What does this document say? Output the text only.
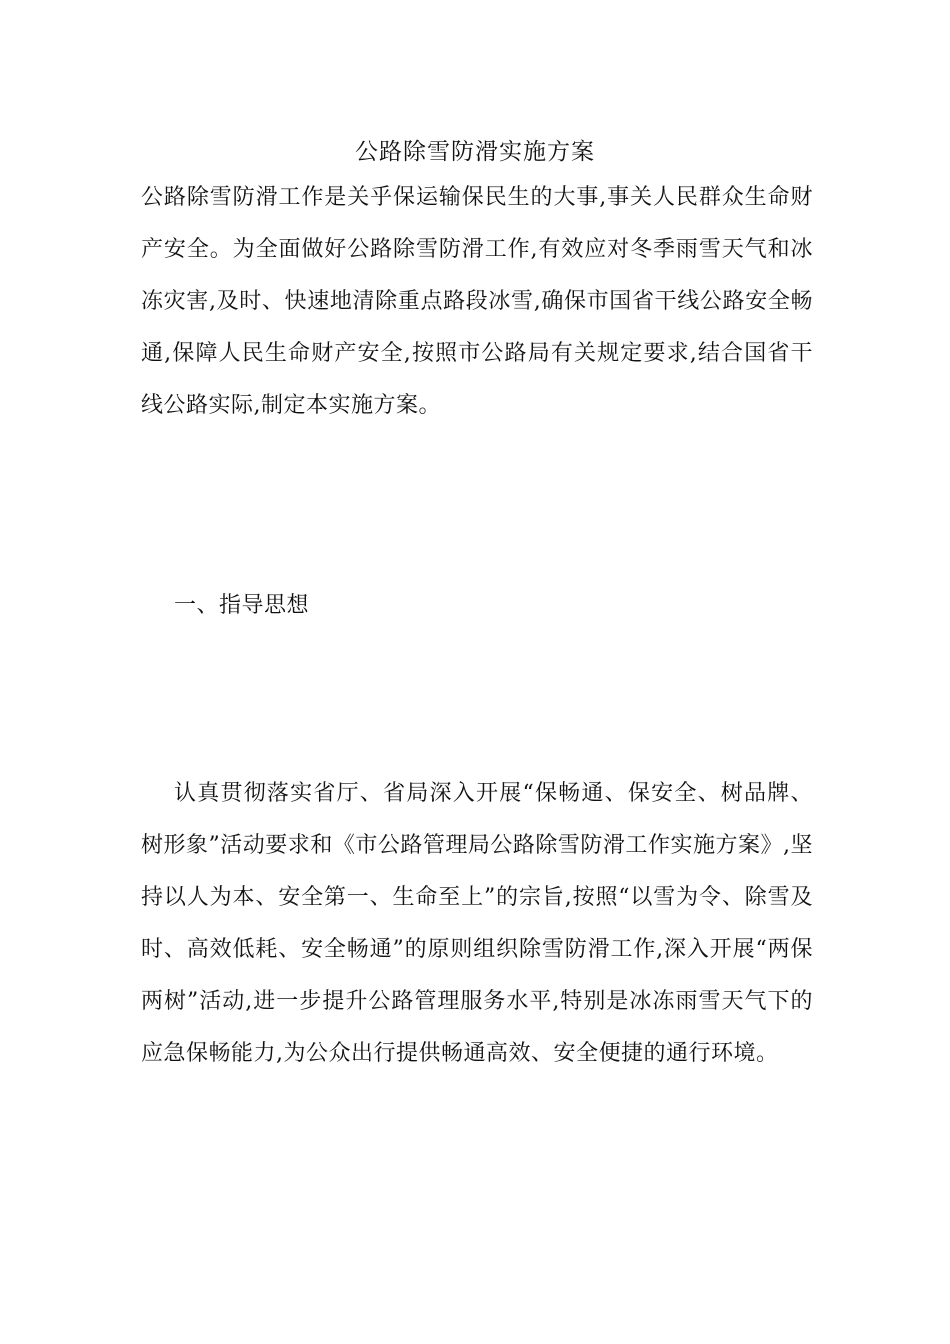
公路除雪防滑实施方案
公路除雪防滑工作是关乎保运输保民生的大事,事关人民群众生命财产安全。为全面做好公路除雪防滑工作,有效应对冬季雨雪天气和冰冻灾害,及时、快速地清除重点路段冰雪,确保市国省干线公路安全畅通,保障人民生命财产安全,按照市公路局有关规定要求,结合国省干线公路实际,制定本实施方案。
一、指导思想
认真贯彻落实省厅、省局深入开展“保畅通、保安全、树品牌、树形象”活动要求和《市公路管理局公路除雪防滑工作实施方案》,坚持以人为本、安全第一、生命至上”的宗旨,按照“以雪为令、除雪及时、高效低耗、安全畅通”的原则组织除雪防滑工作,深入开展“两保两树”活动,进一步提升公路管理服务水平,特别是冰冻雨雪天气下的应急保畅能力,为公众出行提供畅通高效、安全便捷的通行环境。
